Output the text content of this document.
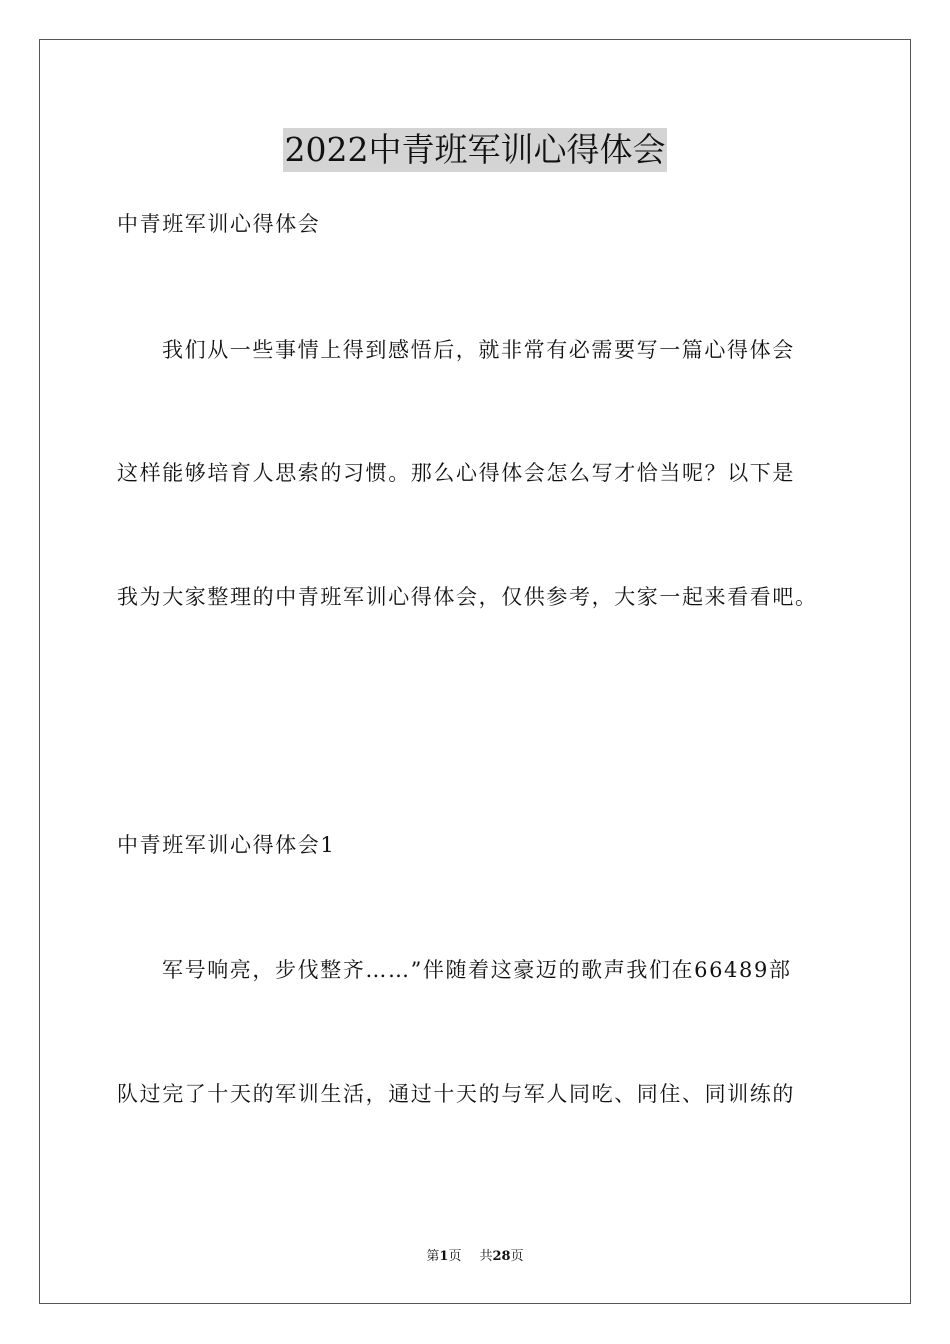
2022中青班军训心得体会

中青班军训心得体会

我们从一些事情上得到感悟后，就非常有必需要写一篇心得体会

这样能够培育人思索的习惯。那么心得体会怎么写才恰当呢？以下是

我为大家整理的中青班军训心得体会，仅供参考，大家一起来看看吧。

中青班军训心得体会1

军号响亮，步伐整齐……”伴随着这豪迈的歌声我们在66489部

队过完了十天的军训生活，通过十天的与军人同吃、同住、同训练的

第1页 共28页
